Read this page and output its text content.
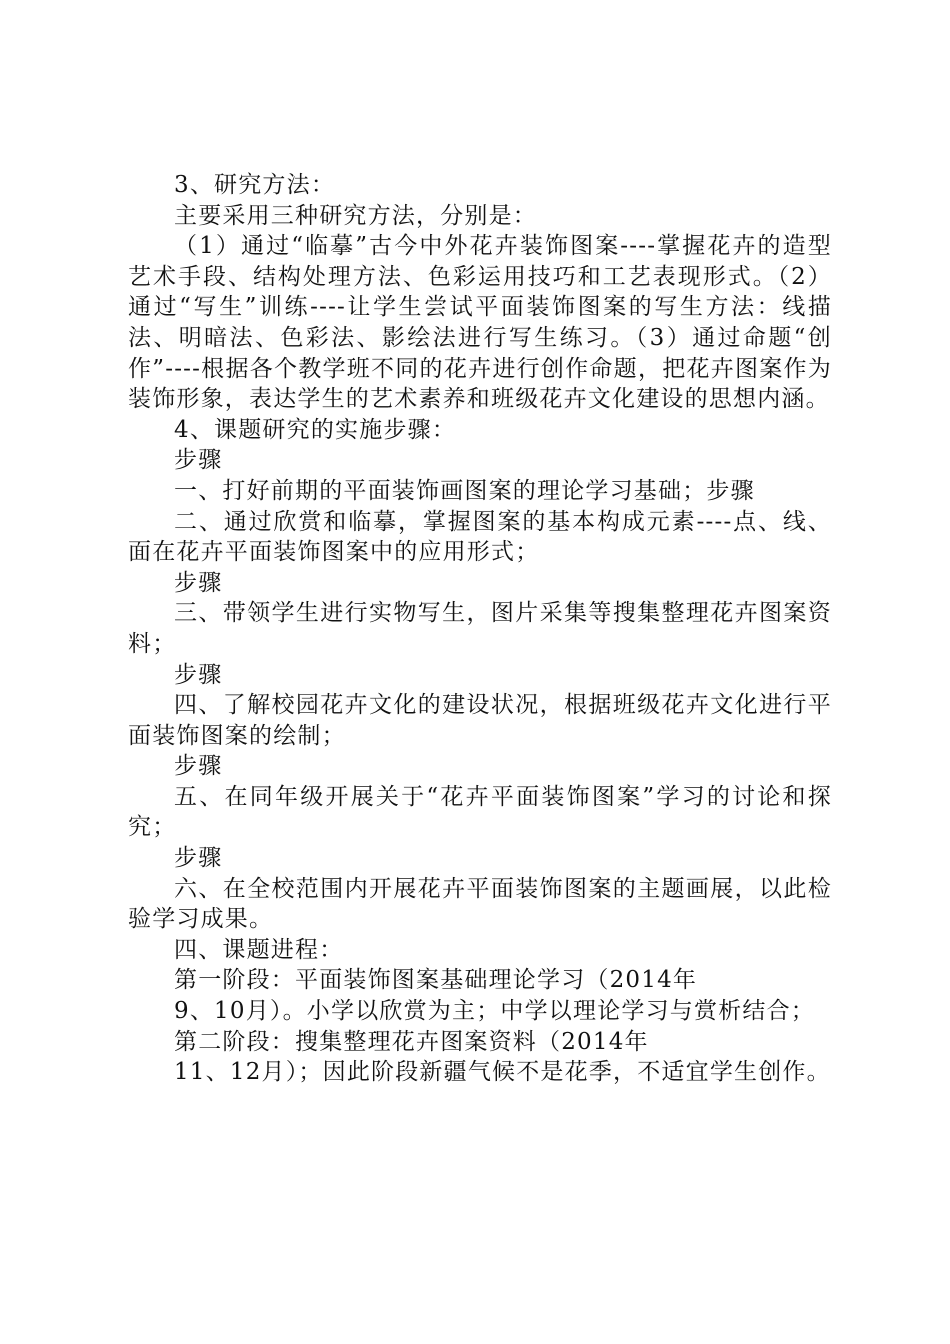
3、研究方法：

主要采用三种研究方法，分别是：

（1）通过“临摹”古今中外花卉装饰图案----掌握花卉的造型艺术手段、结构处理方法、色彩运用技巧和工艺表现形式。（2）通过“写生”训练----让学生尝试平面装饰图案的写生方法：线描法、明暗法、色彩法、影绘法进行写生练习。（3）通过命题“创作”----根据各个教学班不同的花卉进行创作命题，把花卉图案作为装饰形象，表达学生的艺术素养和班级花卉文化建设的思想内涵。

4、课题研究的实施步骤：

步骤

一、打好前期的平面装饰画图案的理论学习基础；步骤

二、通过欣赏和临摹，掌握图案的基本构成元素----点、线、面在花卉平面装饰图案中的应用形式；

步骤

三、带领学生进行实物写生，图片采集等搜集整理花卉图案资料；

步骤

四、了解校园花卉文化的建设状况，根据班级花卉文化进行平面装饰图案的绘制；

步骤

五、在同年级开展关于“花卉平面装饰图案”学习的讨论和探究；

步骤

六、在全校范围内开展花卉平面装饰图案的主题画展，以此检验学习成果。

四、课题进程：

第一阶段：平面装饰图案基础理论学习（2014年

9、10月）。小学以欣赏为主；中学以理论学习与赏析结合；

第二阶段：搜集整理花卉图案资料（2014年

11、12月）；因此阶段新疆气候不是花季，不适宜学生创作。
